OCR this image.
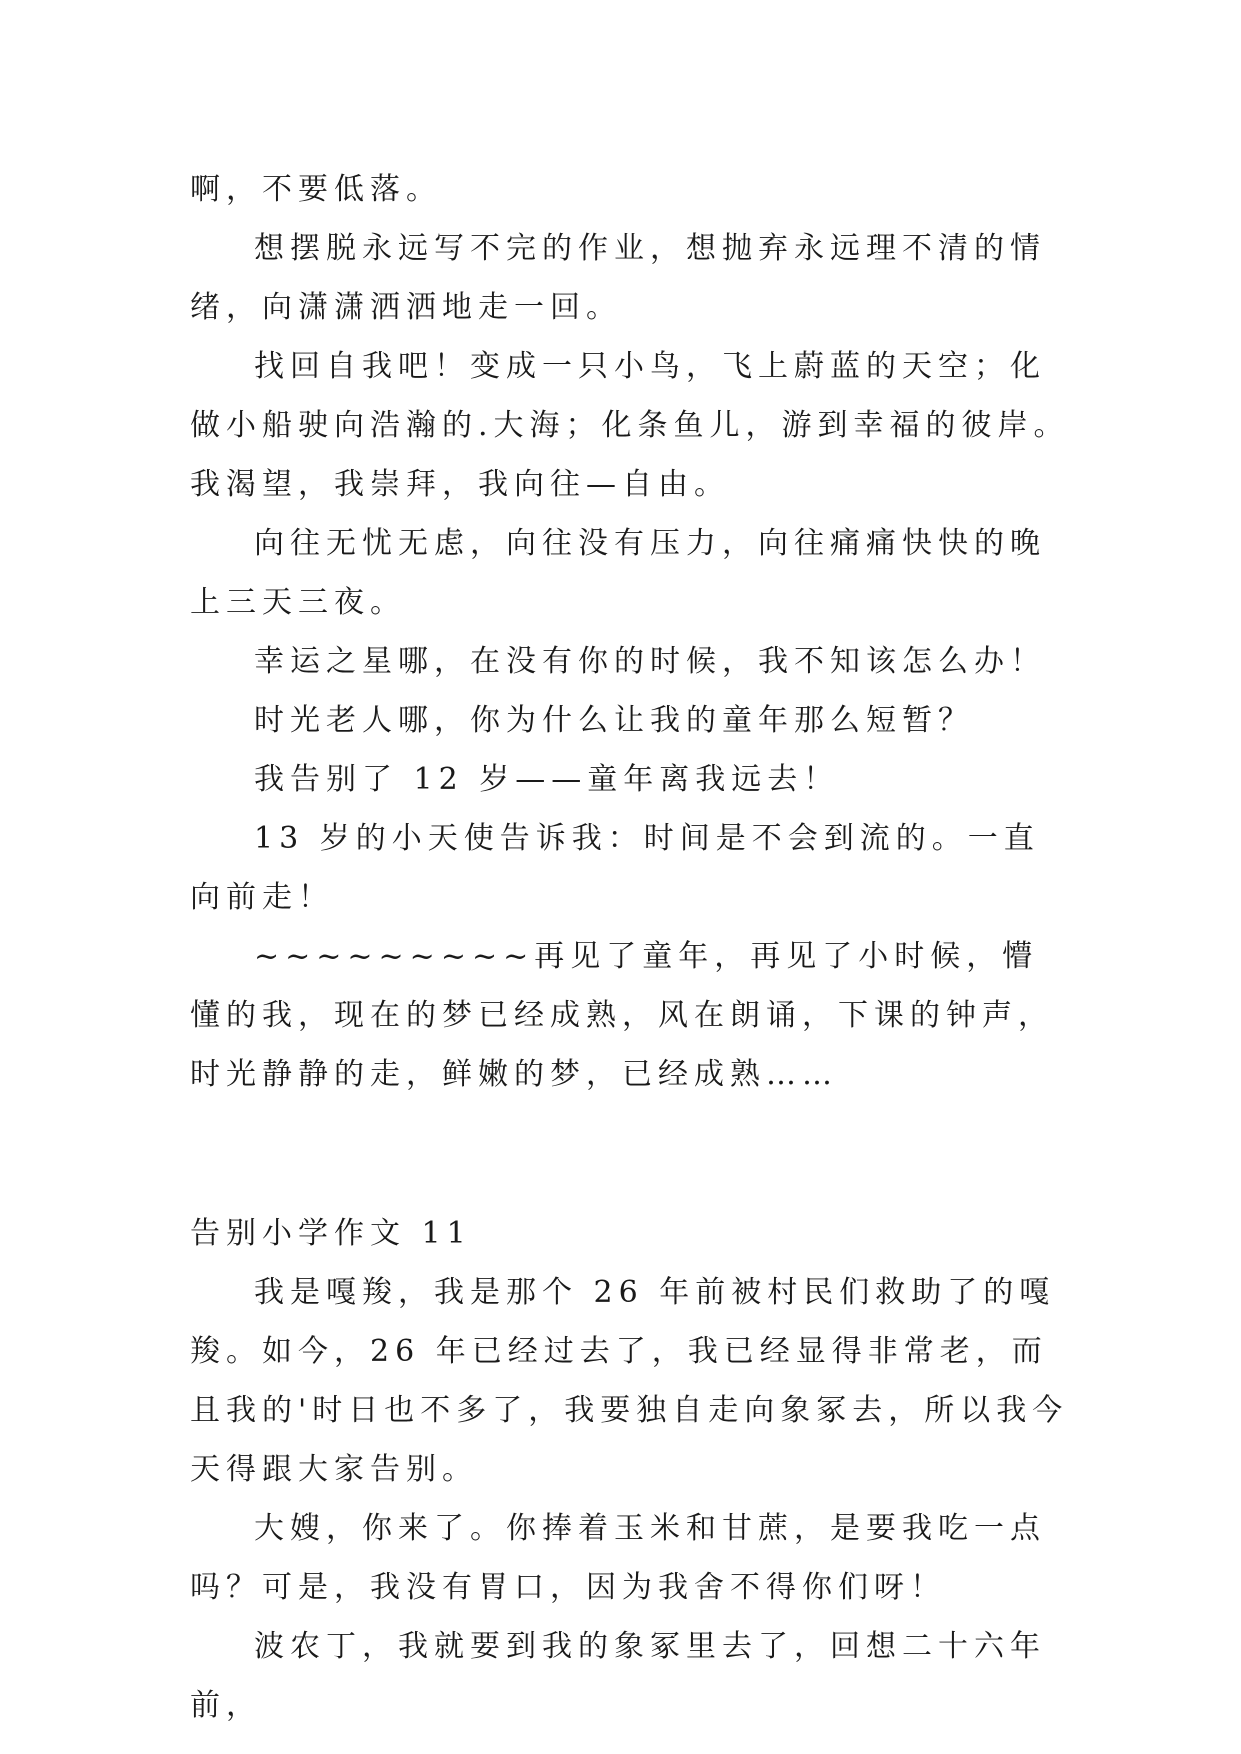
啊，不要低落。

想摆脱永远写不完的作业，想抛弃永远理不清的情绪，向潇潇洒洒地走一回。

找回自我吧！变成一只小鸟，飞上蔚蓝的天空；化做小船驶向浩瀚的.大海；化条鱼儿，游到幸福的彼岸。我渴望，我崇拜，我向往—自由。

向往无忧无虑，向往没有压力，向往痛痛快快的晚上三天三夜。

幸运之星哪，在没有你的时候，我不知该怎么办！

时光老人哪，你为什么让我的童年那么短暂？

我告别了 12 岁——童年离我远去！

13 岁的小天使告诉我：时间是不会到流的。一直向前走！

~~~~~~~~~再见了童年，再见了小时候，懵懂的我，现在的梦已经成熟，风在朗诵，下课的钟声，时光静静的走，鲜嫩的梦，已经成熟……

告别小学作文 11

我是嘎羧，我是那个 26 年前被村民们救助了的嘎羧。如今，26 年已经过去了，我已经显得非常老，而且我的'时日也不多了，我要独自走向象冢去，所以我今天得跟大家告别。

大嫂，你来了。你捧着玉米和甘蔗，是要我吃一点吗？可是，我没有胃口，因为我舍不得你们呀！

波农丁，我就要到我的象冢里去了，回想二十六年前，
